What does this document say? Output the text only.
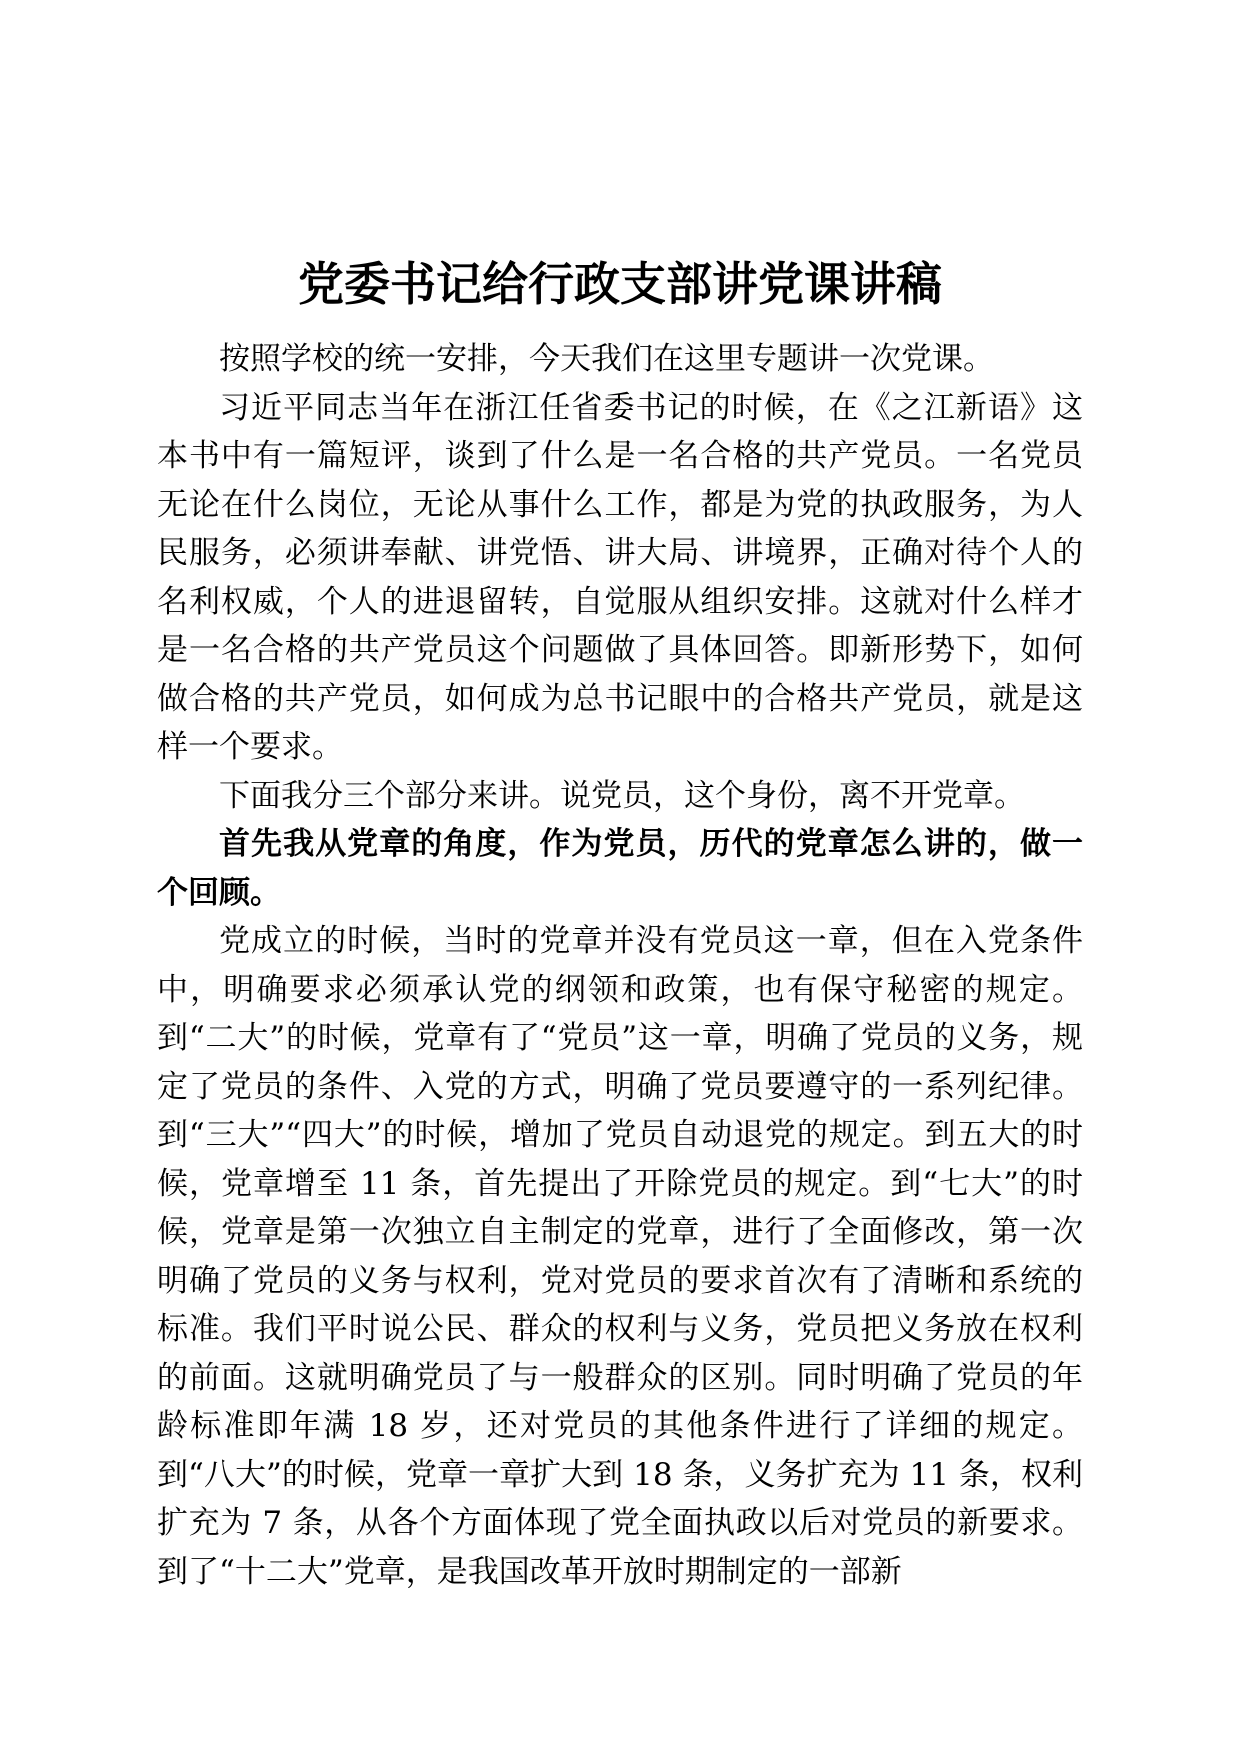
党委书记给行政支部讲党课讲稿

按照学校的统一安排，今天我们在这里专题讲一次党课。

习近平同志当年在浙江任省委书记的时候，在《之江新语》这本书中有一篇短评，谈到了什么是一名合格的共产党员。一名党员无论在什么岗位，无论从事什么工作，都是为党的执政服务，为人民服务，必须讲奉献、讲党悟、讲大局、讲境界，正确对待个人的名利权威，个人的进退留转，自觉服从组织安排。这就对什么样才是一名合格的共产党员这个问题做了具体回答。即新形势下，如何做合格的共产党员，如何成为总书记眼中的合格共产党员，就是这样一个要求。

下面我分三个部分来讲。说党员，这个身份，离不开党章。

首先我从党章的角度，作为党员，历代的党章怎么讲的，做一个回顾。

党成立的时候，当时的党章并没有党员这一章，但在入党条件中，明确要求必须承认党的纲领和政策，也有保守秘密的规定。到“二大”的时候，党章有了“党员”这一章，明确了党员的义务，规定了党员的条件、入党的方式，明确了党员要遵守的一系列纪律。到“三大”“四大”的时候，增加了党员自动退党的规定。到五大的时候，党章增至 11 条，首先提出了开除党员的规定。到“七大”的时候，党章是第一次独立自主制定的党章，进行了全面修改，第一次明确了党员的义务与权利，党对党员的要求首次有了清晰和系统的标准。我们平时说公民、群众的权利与义务，党员把义务放在权利的前面。这就明确党员了与一般群众的区别。同时明确了党员的年龄标准即年满 18 岁，还对党员的其他条件进行了详细的规定。到“八大”的时候，党章一章扩大到 18 条，义务扩充为 11 条，权利扩充为 7 条，从各个方面体现了党全面执政以后对党员的新要求。到了“十二大”党章，是我国改革开放时期制定的一部新
